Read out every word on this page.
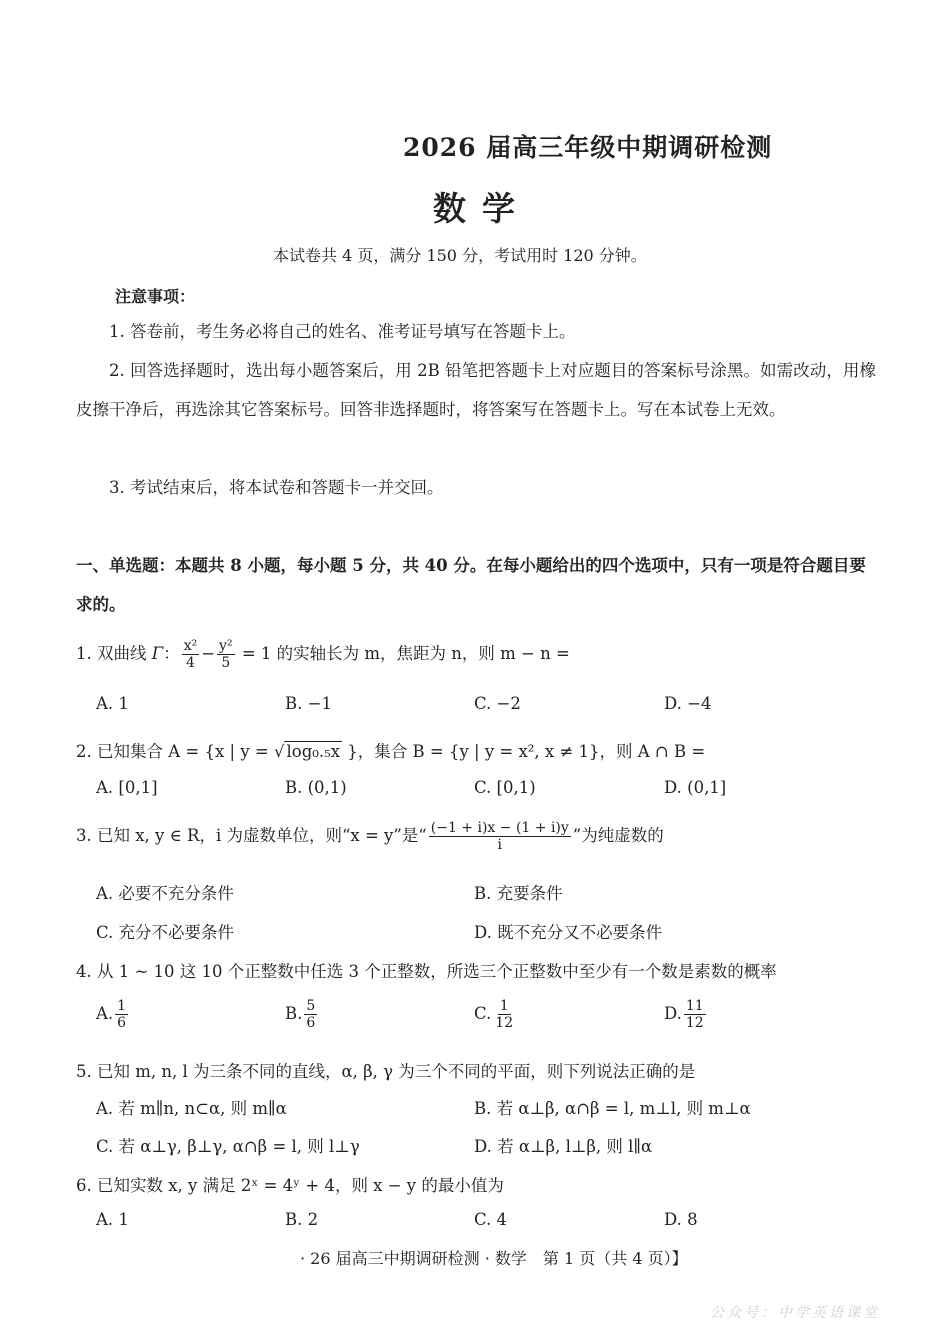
2026 届高三年级中期调研检测
数学
本试卷共 4 页，满分 150 分，考试用时 120 分钟。
注意事项：
1. 答卷前，考生务必将自己的姓名、准考证号填写在答题卡上。
2. 回答选择题时，选出每小题答案后，用 2B 铅笔把答题卡上对应题目的答案标号涂黑。如需改动，用橡皮擦干净后，再选涂其它答案标号。回答非选择题时，将答案写在答题卡上。写在本试卷上无效。
3. 考试结束后，将本试卷和答题卡一并交回。
一、单选题：本题共 8 小题，每小题 5 分，共 40 分。在每小题给出的四个选项中，只有一项是符合题目要求的。
1. 双曲线 Γ： $\frac{\text{x²}}{4} - \frac{\text{y²}}{5} = 1$ 的实轴长为 m，焦距为 n，则 m − n =
A. 1	B. −1	C. −2	D. −4
2. 已知集合 A = {x | y = √ log₀.₅x }，集合 B = {y | y = x², x ≠ 1}，则 A ∩ B =
A. [0,1]	B. (0,1)	C. [0,1)	D. (0,1]
3. 已知 x, y ∈ R，i 为虚数单位，则“x = y”是“ $\frac{(-1 + i)x - (1 + i)y}{i}$ ”为纯虚数的
A. 必要不充分条件	B. 充要条件
C. 充分不必要条件	D. 既不充分又不必要条件
4. 从 1 ~ 10 这 10 个正整数中任选 3 个正整数，所选三个正整数中至少有一个数是素数的概率
A. $\frac{1}{6}$	B. $\frac{5}{6}$	C. $\frac{1}{12}$	D. $\frac{11}{12}$
5. 已知 m, n, l 为三条不同的直线，α, β, γ 为三个不同的平面，则下列说法正确的是
A. 若 m∥n, n⊂α, 则 m∥α	B. 若 α⊥β, α∩β = l, m⊥l, 则 m⊥α
C. 若 α⊥γ, β⊥γ, α∩β = l, 则 l⊥γ	D. 若 α⊥β, l⊥β, 则 l∥α
6. 已知实数 x, y 满足 2ˣ = 4ʸ + 4，则 x − y 的最小值为
A. 1	B. 2	C. 4	D. 8
· 26 届高三中期调研检测 · 数学　第 1 页（共 4 页）】
公众号：中学英语课堂
